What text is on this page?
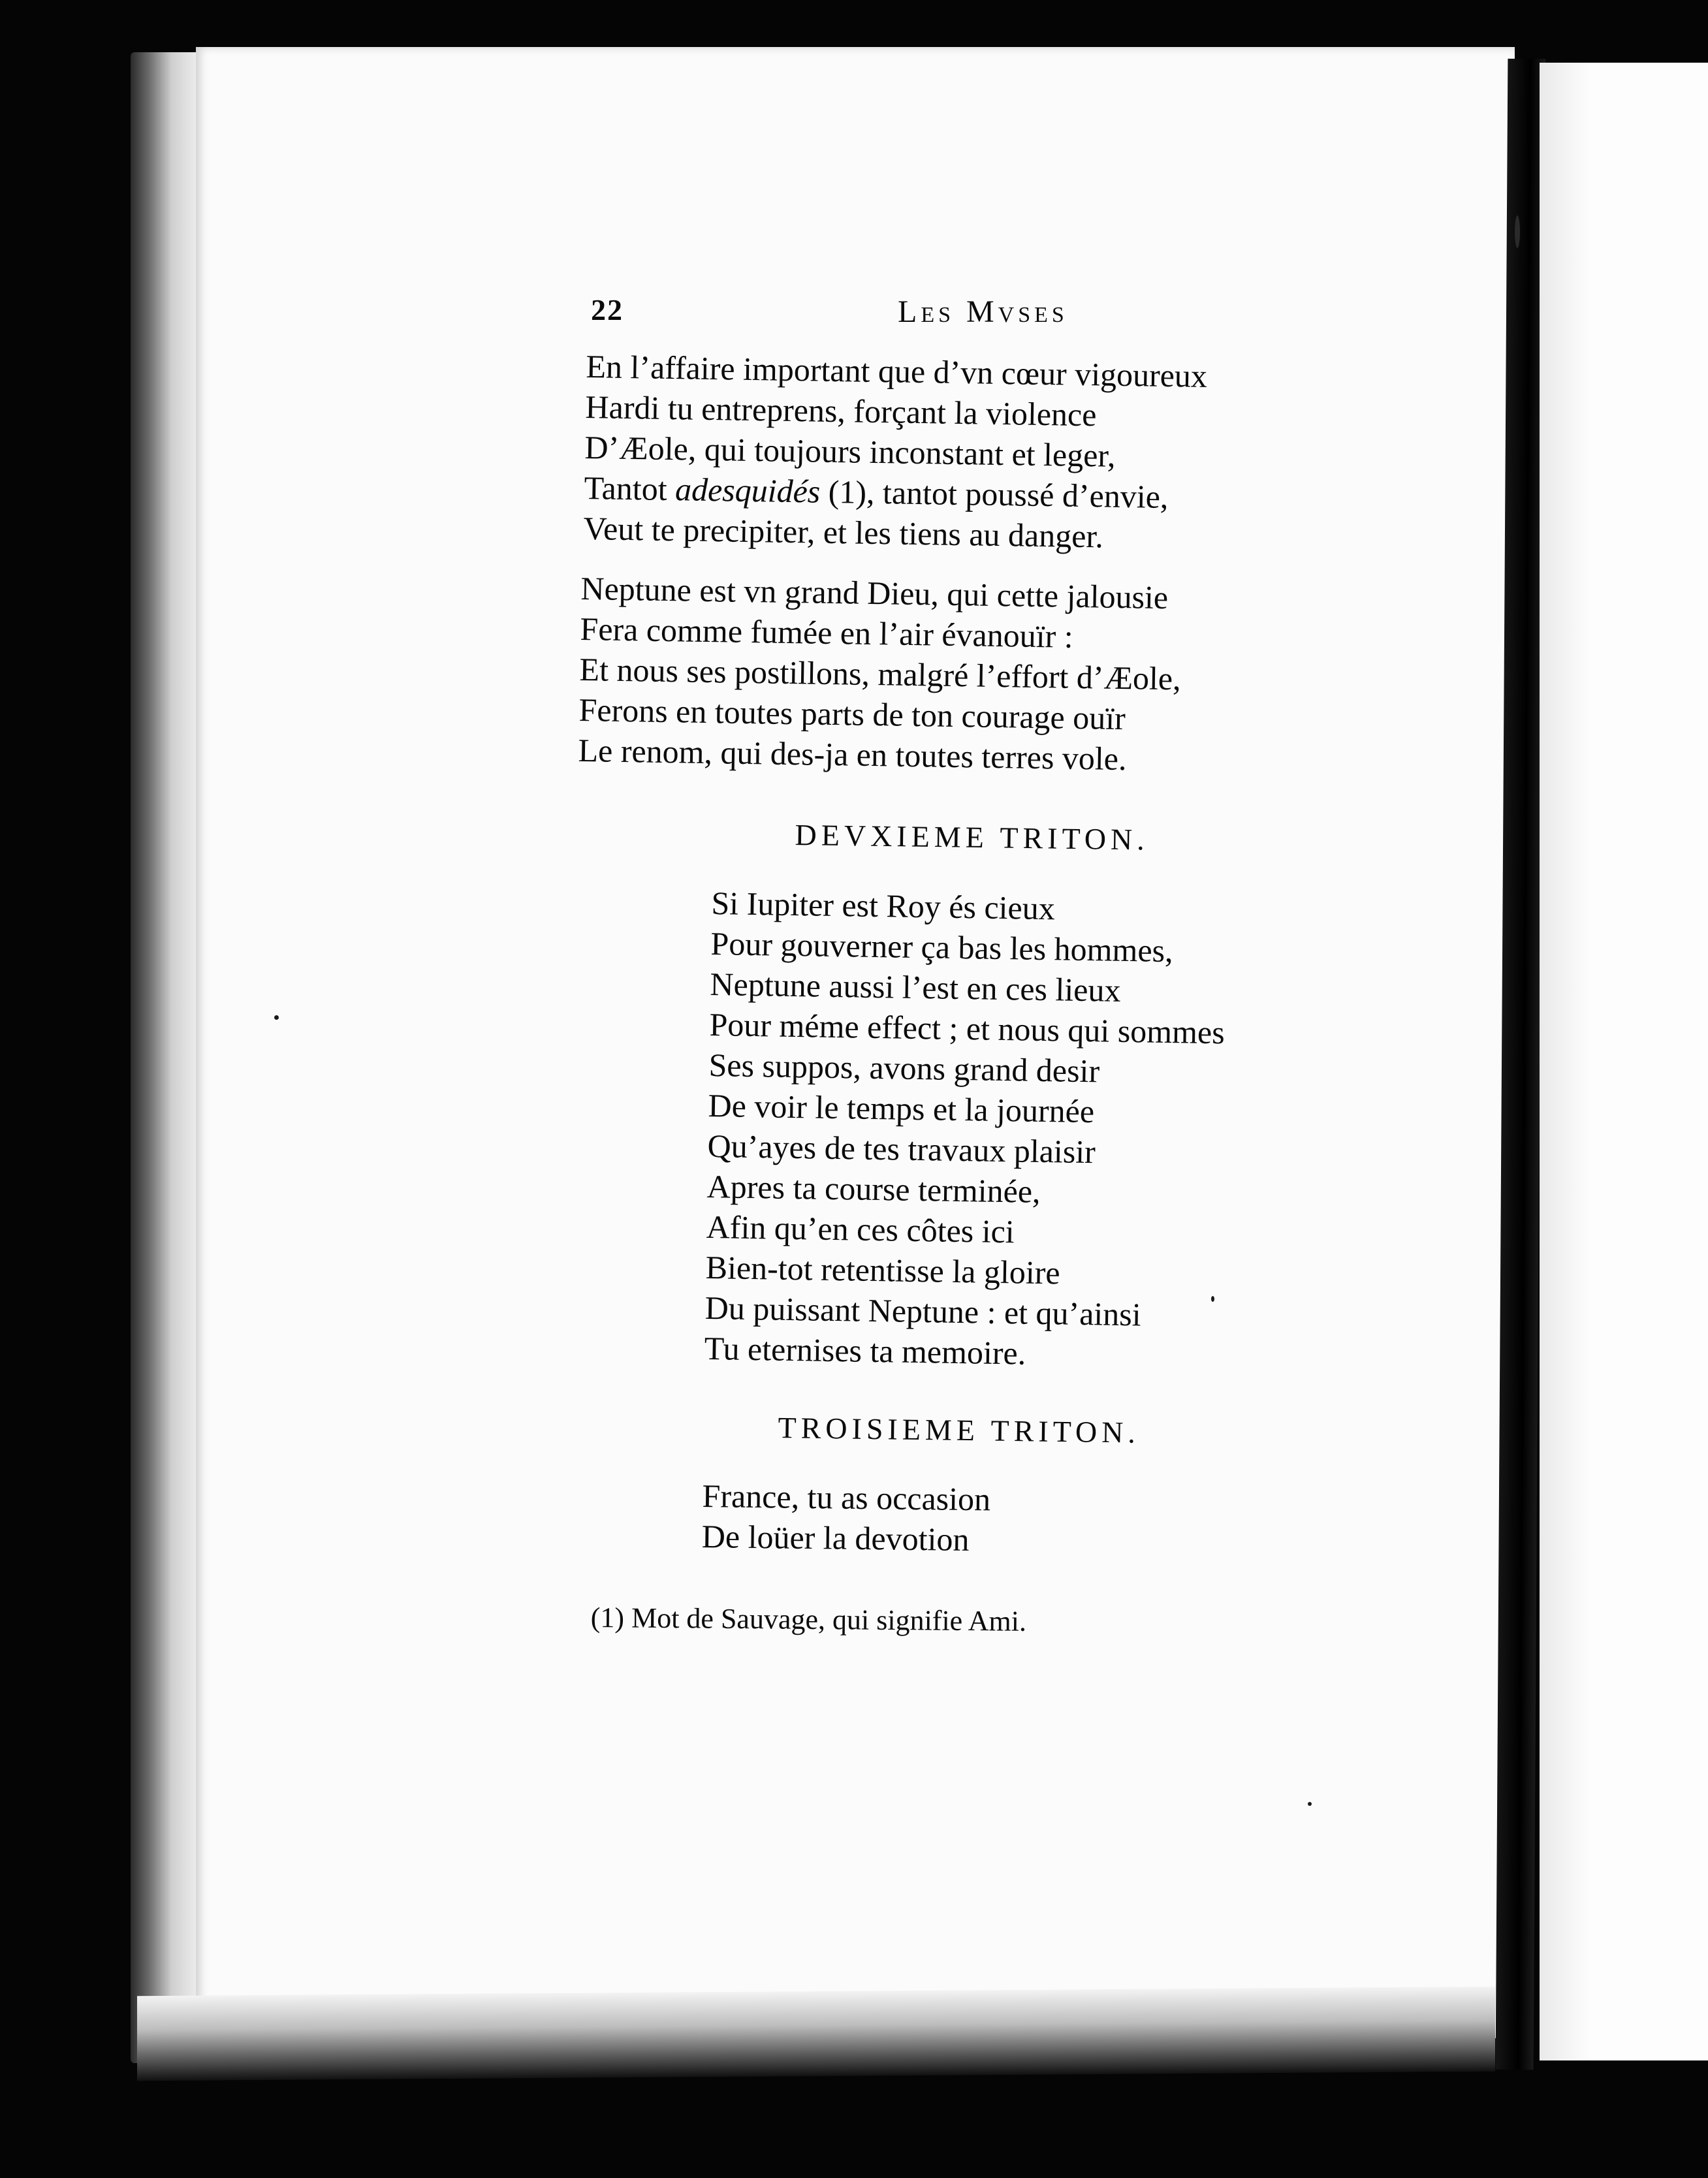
22	Les Mvses
En l’affaire important que d’vn cœur vigoureux
Hardi tu entreprens, forçant la violence
D’Æole, qui toujours inconstant et leger,
Tantot adesquidés (1), tantot poussé d’envie,
Veut te precipiter, et les tiens au danger.
Neptune est vn grand Dieu, qui cette jalousie
Fera comme fumée en l’air évanouïr :
Et nous ses postillons, malgré l’effort d’Æole,
Ferons en toutes parts de ton courage ouïr
Le renom, qui des-ja en toutes terres vole.
DEVXIEME TRITON.
Si Iupiter est Roy és cieux
Pour gouverner ça bas les hommes,
Neptune aussi l’est en ces lieux
Pour méme effect ; et nous qui sommes
Ses suppos, avons grand desir
De voir le temps et la journée
Qu’ayes de tes travaux plaisir
Apres ta course terminée,
Afin qu’en ces côtes ici
Bien-tot retentisse la gloire
Du puissant Neptune : et qu’ainsi
Tu eternises ta memoire.
TROISIEME TRITON.
France, tu as occasion
De loüer la devotion
(1) Mot de Sauvage, qui signifie Ami.
